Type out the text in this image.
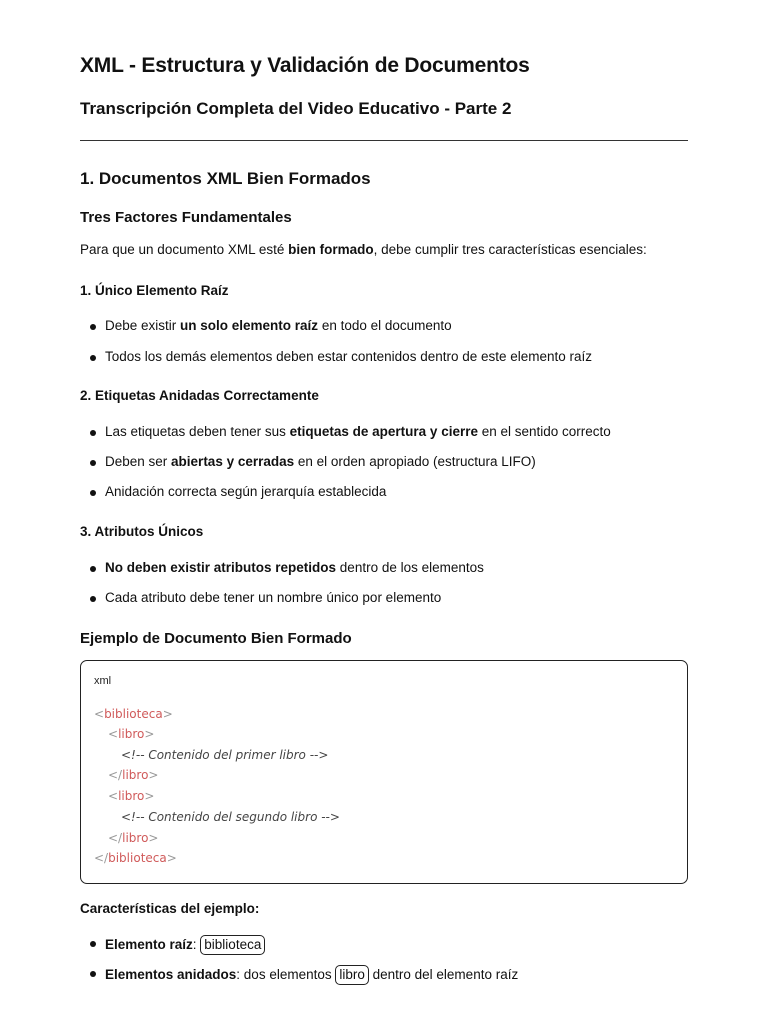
XML - Estructura y Validación de Documentos
Transcripción Completa del Video Educativo - Parte 2
1. Documentos XML Bien Formados
Tres Factores Fundamentales
Para que un documento XML esté bien formado, debe cumplir tres características esenciales:
1. Único Elemento Raíz
Debe existir un solo elemento raíz en todo el documento
Todos los demás elementos deben estar contenidos dentro de este elemento raíz
2. Etiquetas Anidadas Correctamente
Las etiquetas deben tener sus etiquetas de apertura y cierre en el sentido correcto
Deben ser abiertas y cerradas en el orden apropiado (estructura LIFO)
Anidación correcta según jerarquía establecida
3. Atributos Únicos
No deben existir atributos repetidos dentro de los elementos
Cada atributo debe tener un nombre único por elemento
Ejemplo de Documento Bien Formado
xml
<biblioteca>
<libro>
<!-- Contenido del primer libro -->
</libro>
<libro>
<!-- Contenido del segundo libro -->
</libro>
</biblioteca>
Características del ejemplo:
Elemento raíz: biblioteca
Elementos anidados: dos elementos libro dentro del elemento raíz
